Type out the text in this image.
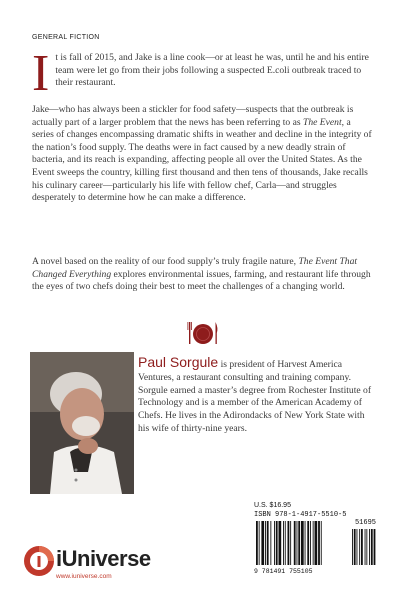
GENERAL FICTION
It is fall of 2015, and Jake is a line cook—or at least he was, until he and his entire team were let go from their jobs following a suspected E.coli outbreak traced to their restaurant.
Jake—who has always been a stickler for food safety—suspects that the outbreak is actually part of a larger problem that the news has been referring to as The Event, a series of changes encompassing dramatic shifts in weather and decline in the integrity of the nation’s food supply. The deaths were in fact caused by a new deadly strain of bacteria, and its reach is expanding, affecting people all over the United States. As the Event sweeps the country, killing first thousand and then tens of thousands, Jake recalls his culinary career—particularly his life with fellow chef, Carla—and struggles desperately to determine how he can make a difference.
A novel based on the reality of our food supply’s truly fragile nature, The Event That Changed Everything explores environmental issues, farming, and restaurant life through the eyes of two chefs doing their best to meet the challenges of a changing world.
Paul Sorgule is president of Harvest America Ventures, a restaurant consulting and training company. Sorgule earned a master’s degree from Rochester Institute of Technology and is a member of the American Academy of Chefs. He lives in the Adirondacks of New York State with his wife of thirty-nine years.
U.S. $16.95
ISBN 978-1-4917-5510-5
51695
9 781491 755105
iUniverse
www.iuniverse.com
